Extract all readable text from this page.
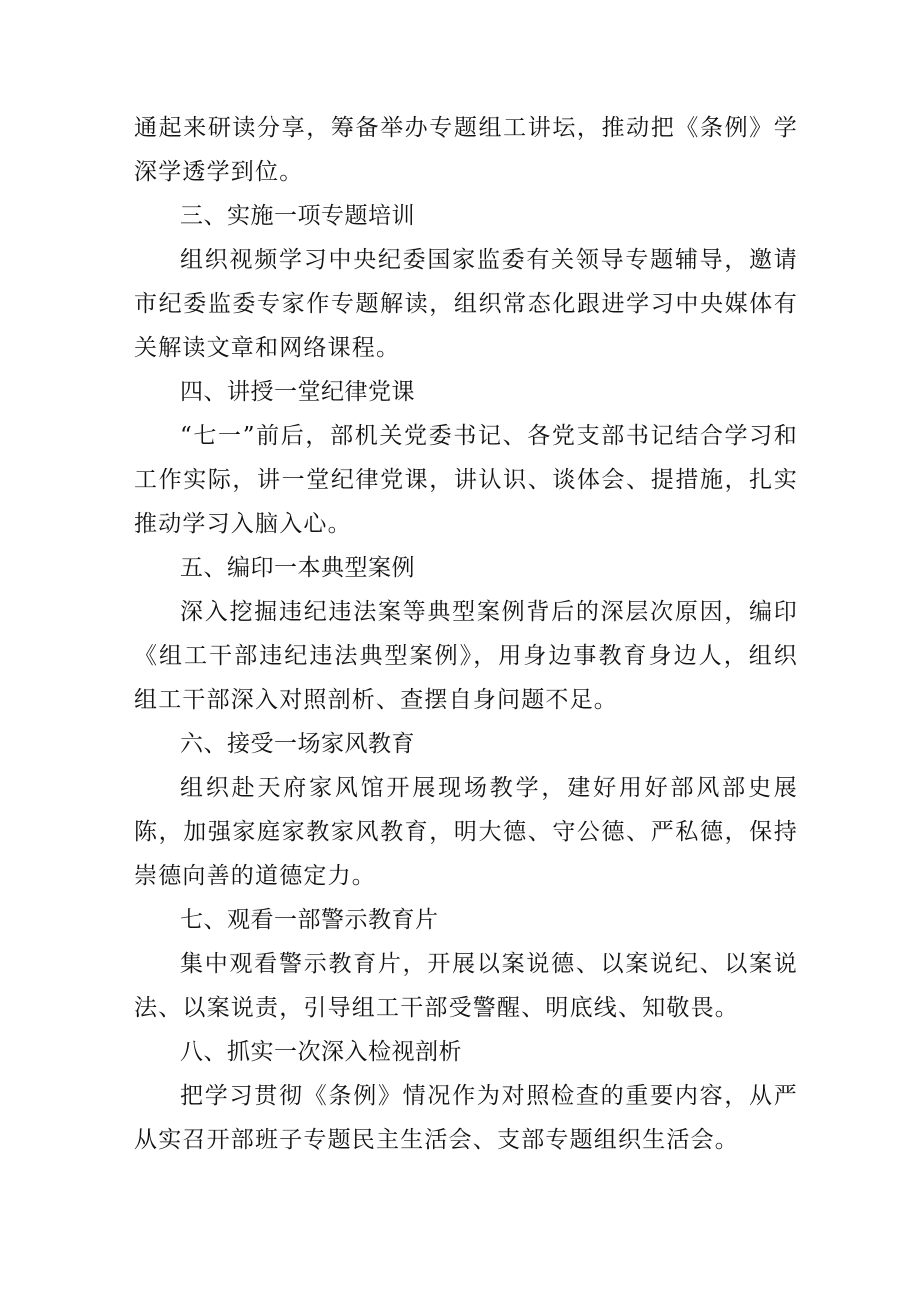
通起来研读分享，筹备举办专题组工讲坛，推动把《条例》学深学透学到位。

三、实施一项专题培训

组织视频学习中央纪委国家监委有关领导专题辅导，邀请市纪委监委专家作专题解读，组织常态化跟进学习中央媒体有关解读文章和网络课程。

四、讲授一堂纪律党课

“七一”前后，部机关党委书记、各党支部书记结合学习和工作实际，讲一堂纪律党课，讲认识、谈体会、提措施，扎实推动学习入脑入心。

五、编印一本典型案例

深入挖掘违纪违法案等典型案例背后的深层次原因，编印《组工干部违纪违法典型案例》，用身边事教育身边人，组织组工干部深入对照剖析、查摆自身问题不足。

六、接受一场家风教育

组织赴天府家风馆开展现场教学，建好用好部风部史展陈，加强家庭家教家风教育，明大德、守公德、严私德，保持崇德向善的道德定力。

七、观看一部警示教育片

集中观看警示教育片，开展以案说德、以案说纪、以案说法、以案说责，引导组工干部受警醒、明底线、知敬畏。

八、抓实一次深入检视剖析

把学习贯彻《条例》情况作为对照检查的重要内容，从严从实召开部班子专题民主生活会、支部专题组织生活会。
